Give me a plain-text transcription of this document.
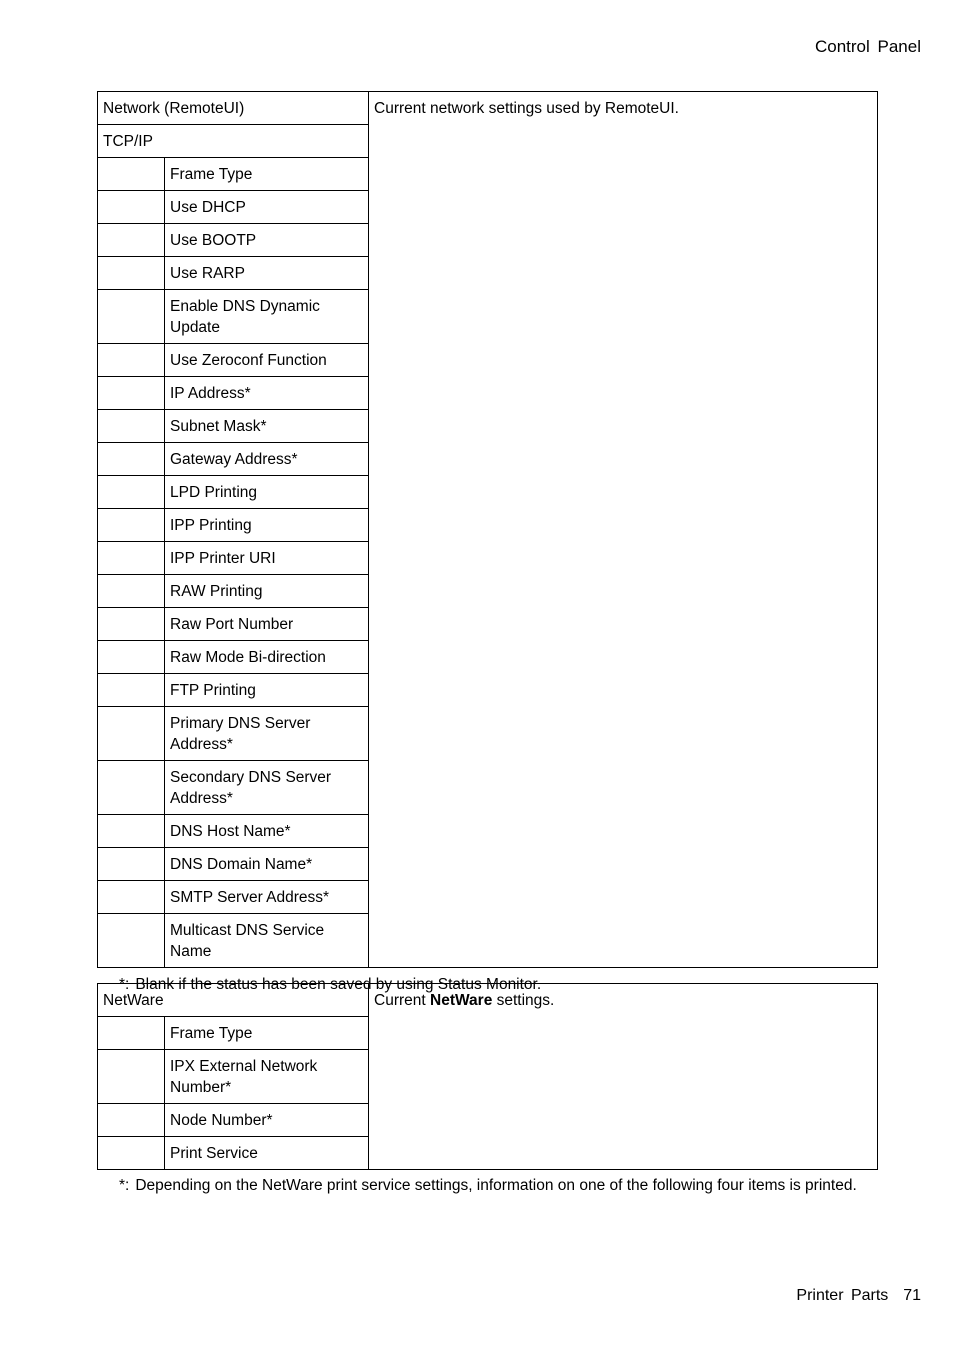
Control Panel
Network (RemoteUI)		Current network settings used by RemoteUI.
TCP/IP		
	Frame Type	
	Use DHCP	
	Use BOOTP	
	Use RARP	
	Enable DNS Dynamic Update	
	Use Zeroconf Function	
	IP Address*	
	Subnet Mask*	
	Gateway Address*	
	LPD Printing	
	IPP Printing	
	IPP Printer URI	
	RAW Printing	
	Raw Port Number	
	Raw Mode Bi-direction	
	FTP Printing	
	Primary DNS Server Address*	
	Secondary DNS Server Address*	
	DNS Host Name*	
	DNS Domain Name*	
	SMTP Server Address*	
	Multicast DNS Service Name	
*: Blank if the status has been saved by using Status Monitor.
NetWare		Current NetWare settings.
	Frame Type	
	IPX External Network Number*	
	Node Number*	
	Print Service	
*: Depending on the NetWare print service settings, information on one of the following four items is printed.
Printer Parts 71
